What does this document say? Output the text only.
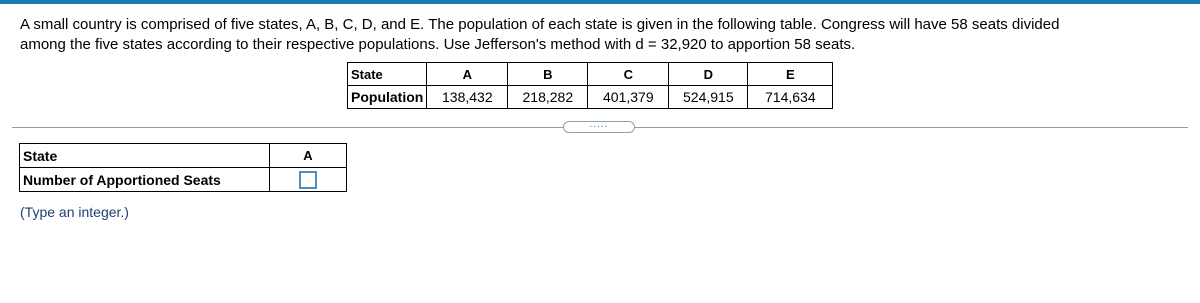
A small country is comprised of five states, A, B, C, D, and E. The population of each state is given in the following table. Congress will have 58 seats divided
among the five states according to their respective populations. Use Jefferson's method with d = 32,920 to apportion 58 seats.
State	A	B	C	D	E
Population	138,432	218,282	401,379	524,915	714,634
.....
State	A
Number of Apportioned Seats	
(Type an integer.)
